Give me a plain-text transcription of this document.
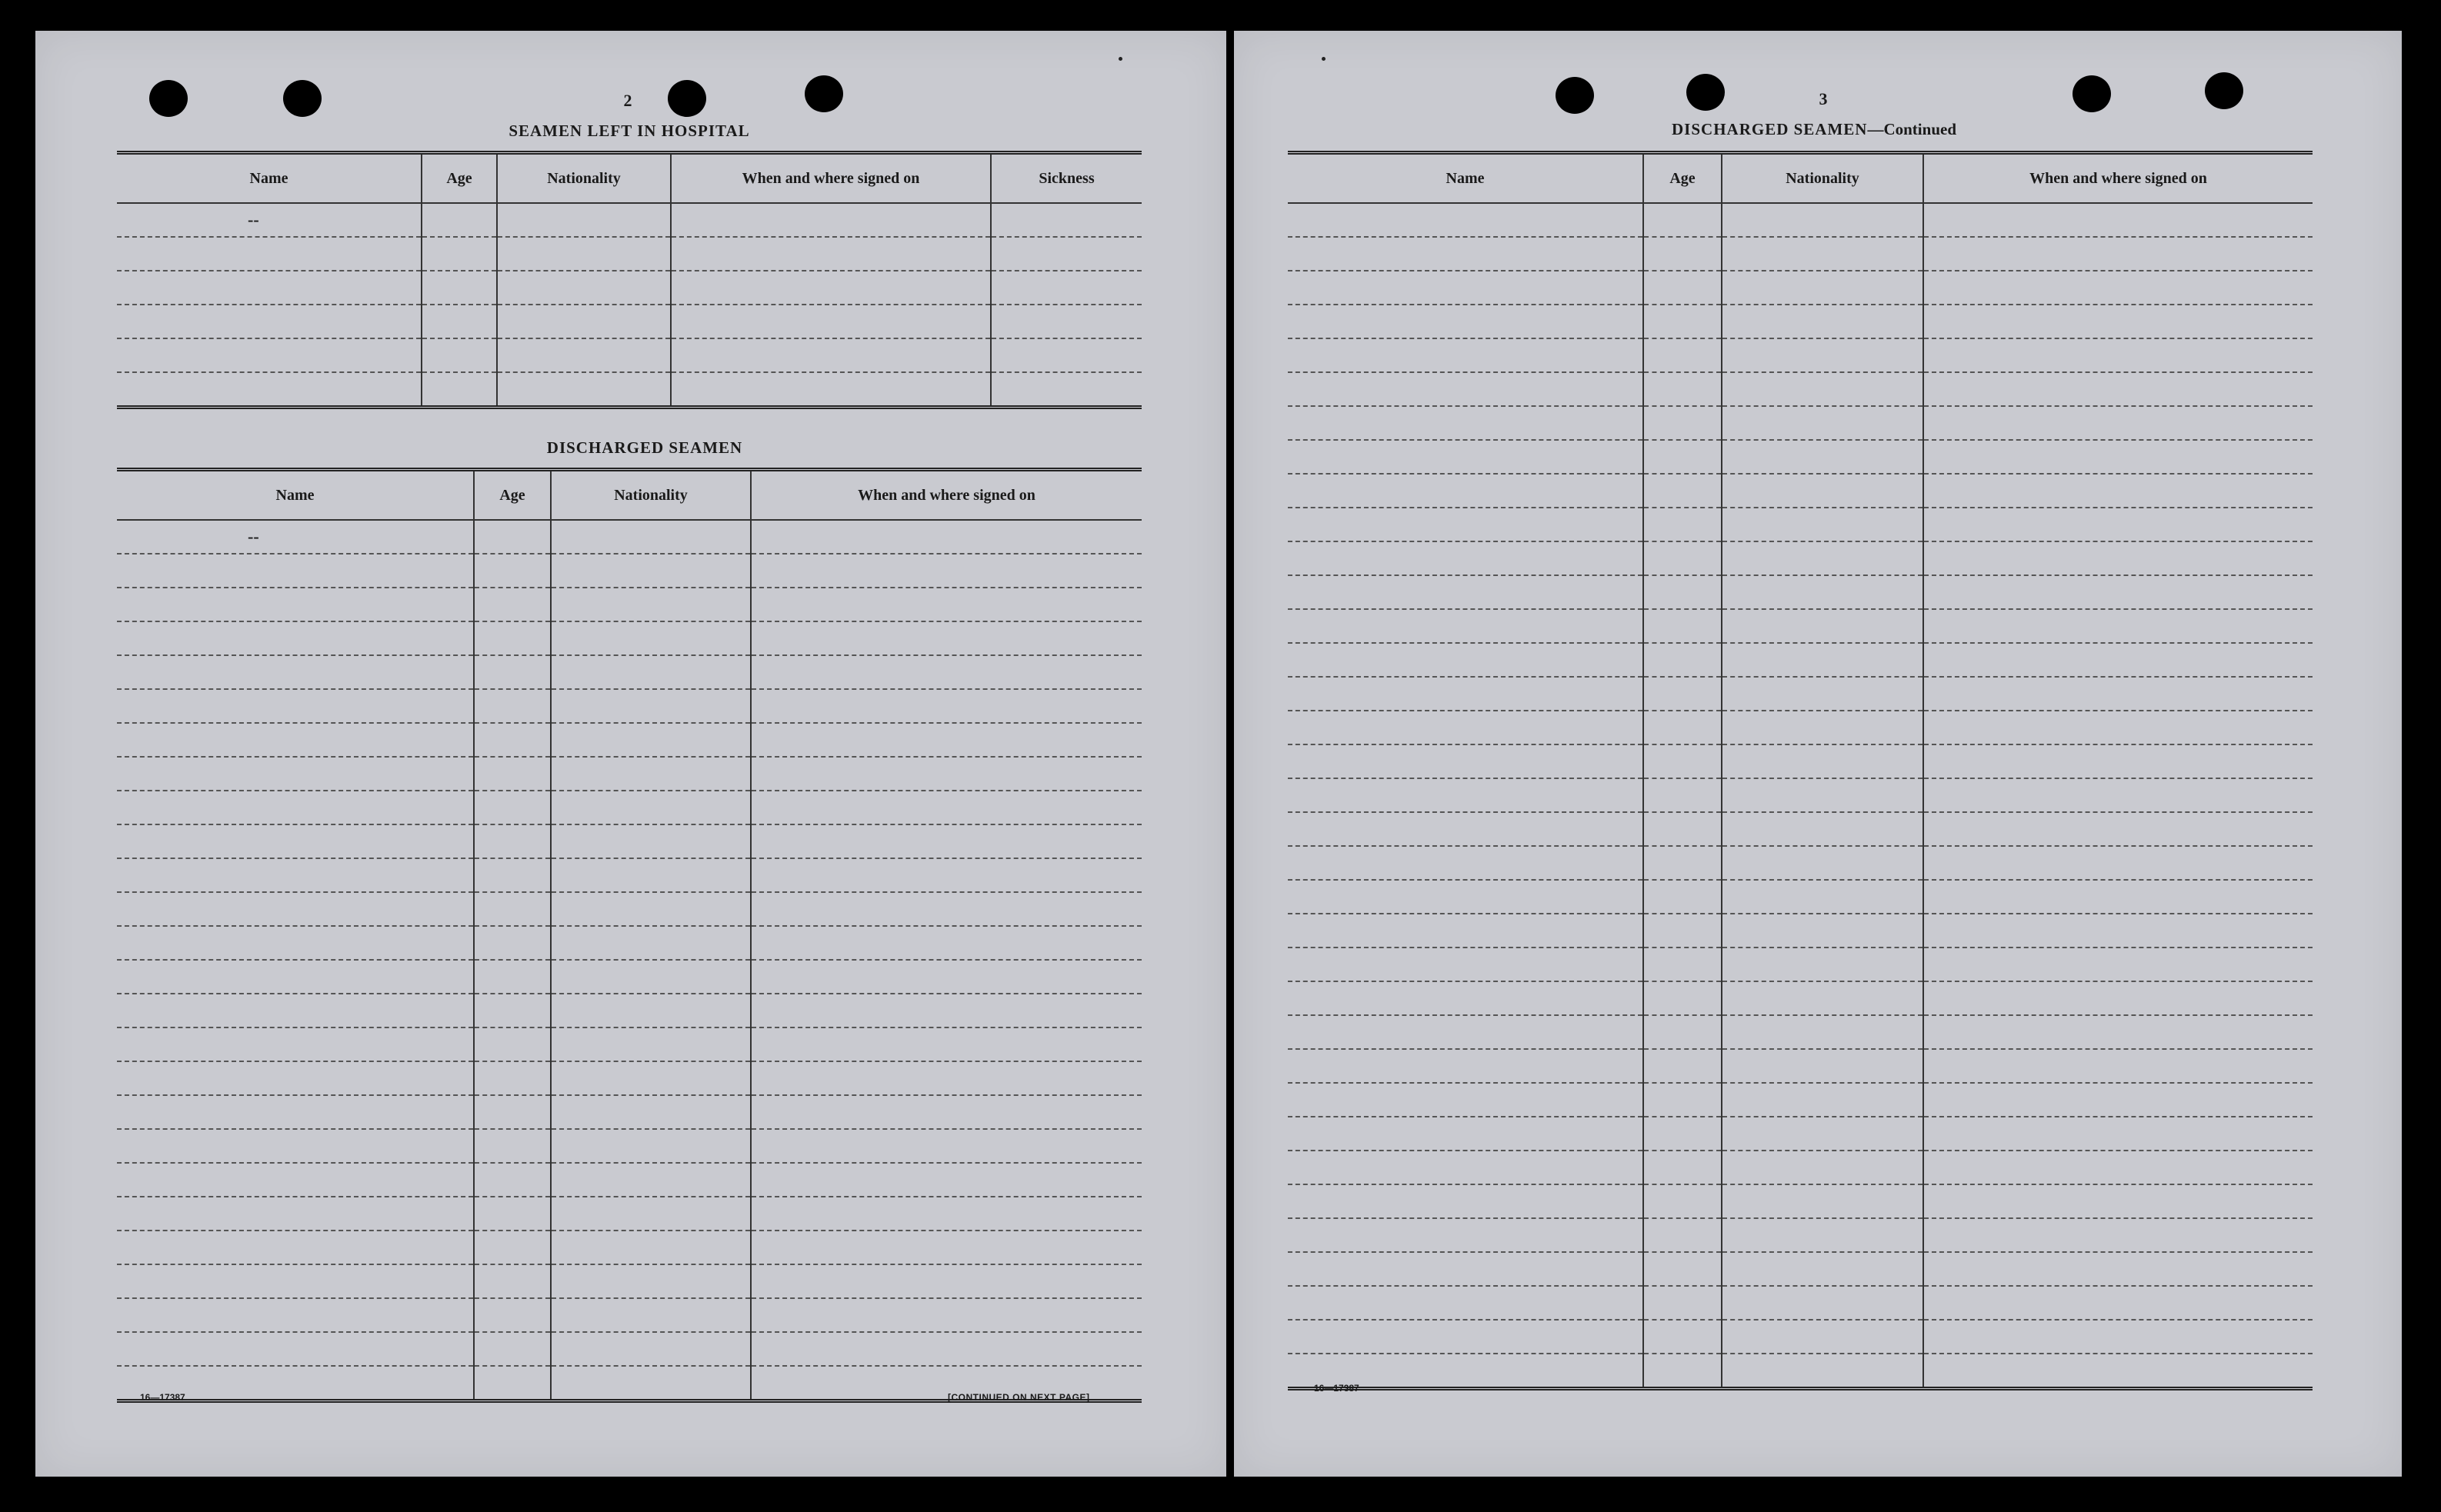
2
SEAMEN LEFT IN HOSPITAL
Name	Age	Nationality	When and where signed on	Sickness
--				

DISCHARGED SEAMEN
Name	Age	Nationality	When and where signed on
--			

16—17387	[CONTINUED ON NEXT PAGE]
3
DISCHARGED SEAMEN—Continued
Name	Age	Nationality	When and where signed on

16—17387
